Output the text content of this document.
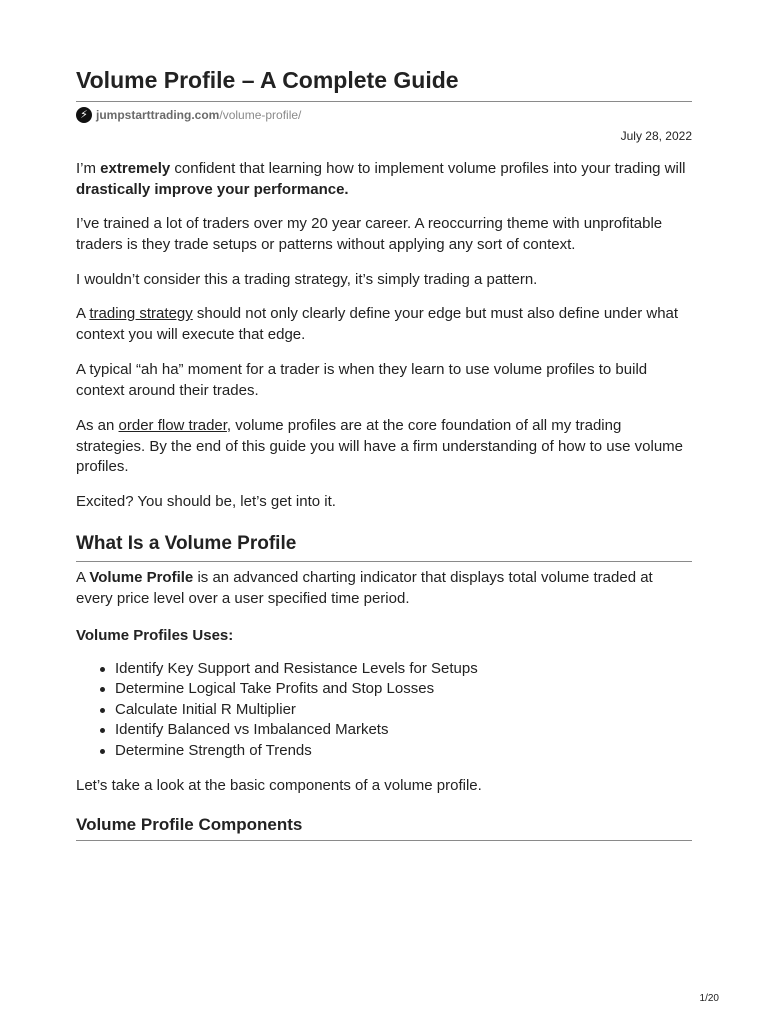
Volume Profile – A Complete Guide
⚡︎ jumpstarttrading.com /volume-profile/
July 28, 2022

I’m extremely confident that learning how to implement volume profiles into your trading will drastically improve your performance.

I’ve trained a lot of traders over my 20 year career. A reoccurring theme with unprofitable traders is they trade setups or patterns without applying any sort of context.

I wouldn’t consider this a trading strategy, it’s simply trading a pattern.

A trading strategy should not only clearly define your edge but must also define under what context you will execute that edge.

A typical “ah ha” moment for a trader is when they learn to use volume profiles to build context around their trades.

As an order flow trader, volume profiles are at the core foundation of all my trading strategies. By the end of this guide you will have a firm understanding of how to use volume profiles.

Excited? You should be, let’s get into it.

What Is a Volume Profile

A Volume Profile is an advanced charting indicator that displays total volume traded at every price level over a user specified time period.

Volume Profiles Uses:

Identify Key Support and Resistance Levels for Setups
Determine Logical Take Profits and Stop Losses
Calculate Initial R Multiplier
Identify Balanced vs Imbalanced Markets
Determine Strength of Trends

Let’s take a look at the basic components of a volume profile.

Volume Profile Components
1/20
